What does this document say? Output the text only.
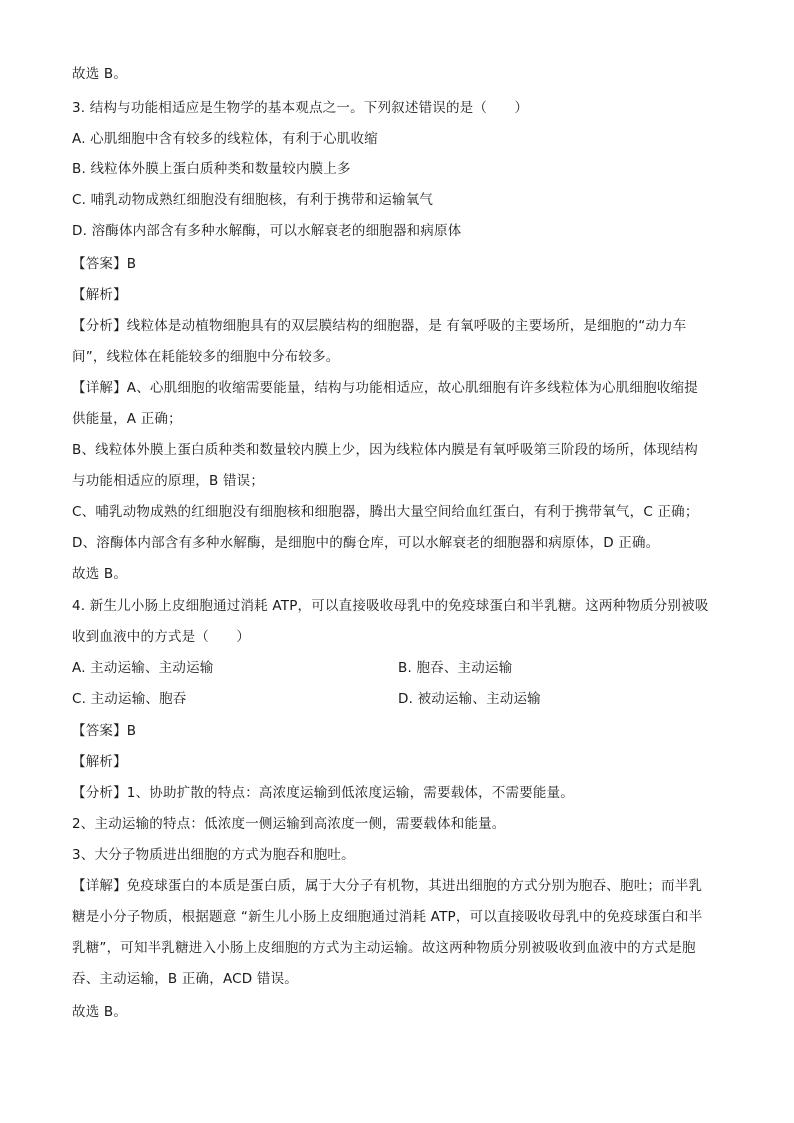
故选 B。
3. 结构与功能相适应是生物学的基本观点之一。下列叙述错误的是（　　）
A. 心肌细胞中含有较多的线粒体，有利于心肌收缩
B. 线粒体外膜上蛋白质种类和数量较内膜上多
C. 哺乳动物成熟红细胞没有细胞核，有利于携带和运输氧气
D. 溶酶体内部含有多种水解酶，可以水解衰老的细胞器和病原体
【答案】B
【解析】
【分析】线粒体是动植物细胞具有的双层膜结构的细胞器，是 有氧呼吸的主要场所，是细胞的“动力车
间”，线粒体在耗能较多的细胞中分布较多。
【详解】A、心肌细胞的收缩需要能量，结构与功能相适应，故心肌细胞有许多线粒体为心肌细胞收缩提
供能量，A 正确；
B、线粒体外膜上蛋白质种类和数量较内膜上少，因为线粒体内膜是有氧呼吸第三阶段的场所，体现结构
与功能相适应的原理，B 错误；
C、哺乳动物成熟的红细胞没有细胞核和细胞器，腾出大量空间给血红蛋白，有利于携带氧气，C 正确；
D、溶酶体内部含有多种水解酶，是细胞中的酶仓库，可以水解衰老的细胞器和病原体，D 正确。
故选 B。
4. 新生儿小肠上皮细胞通过消耗 ATP，可以直接吸收母乳中的免疫球蛋白和半乳糖。这两种物质分别被吸
收到血液中的方式是（　　）
A. 主动运输、主动运输	B. 胞吞、主动运输
C. 主动运输、胞吞	D. 被动运输、主动运输
【答案】B
【解析】
【分析】1、协助扩散的特点：高浓度运输到低浓度运输，需要载体，不需要能量。
2、主动运输的特点：低浓度一侧运输到高浓度一侧，需要载体和能量。
3、大分子物质进出细胞的方式为胞吞和胞吐。
【详解】免疫球蛋白的本质是蛋白质，属于大分子有机物，其进出细胞的方式分别为胞吞、胞吐；而半乳
糖是小分子物质，根据题意 “新生儿小肠上皮细胞通过消耗 ATP，可以直接吸收母乳中的免疫球蛋白和半
乳糖”，可知半乳糖进入小肠上皮细胞的方式为主动运输。故这两种物质分别被吸收到血液中的方式是胞
吞、主动运输，B 正确，ACD 错误。
故选 B。
